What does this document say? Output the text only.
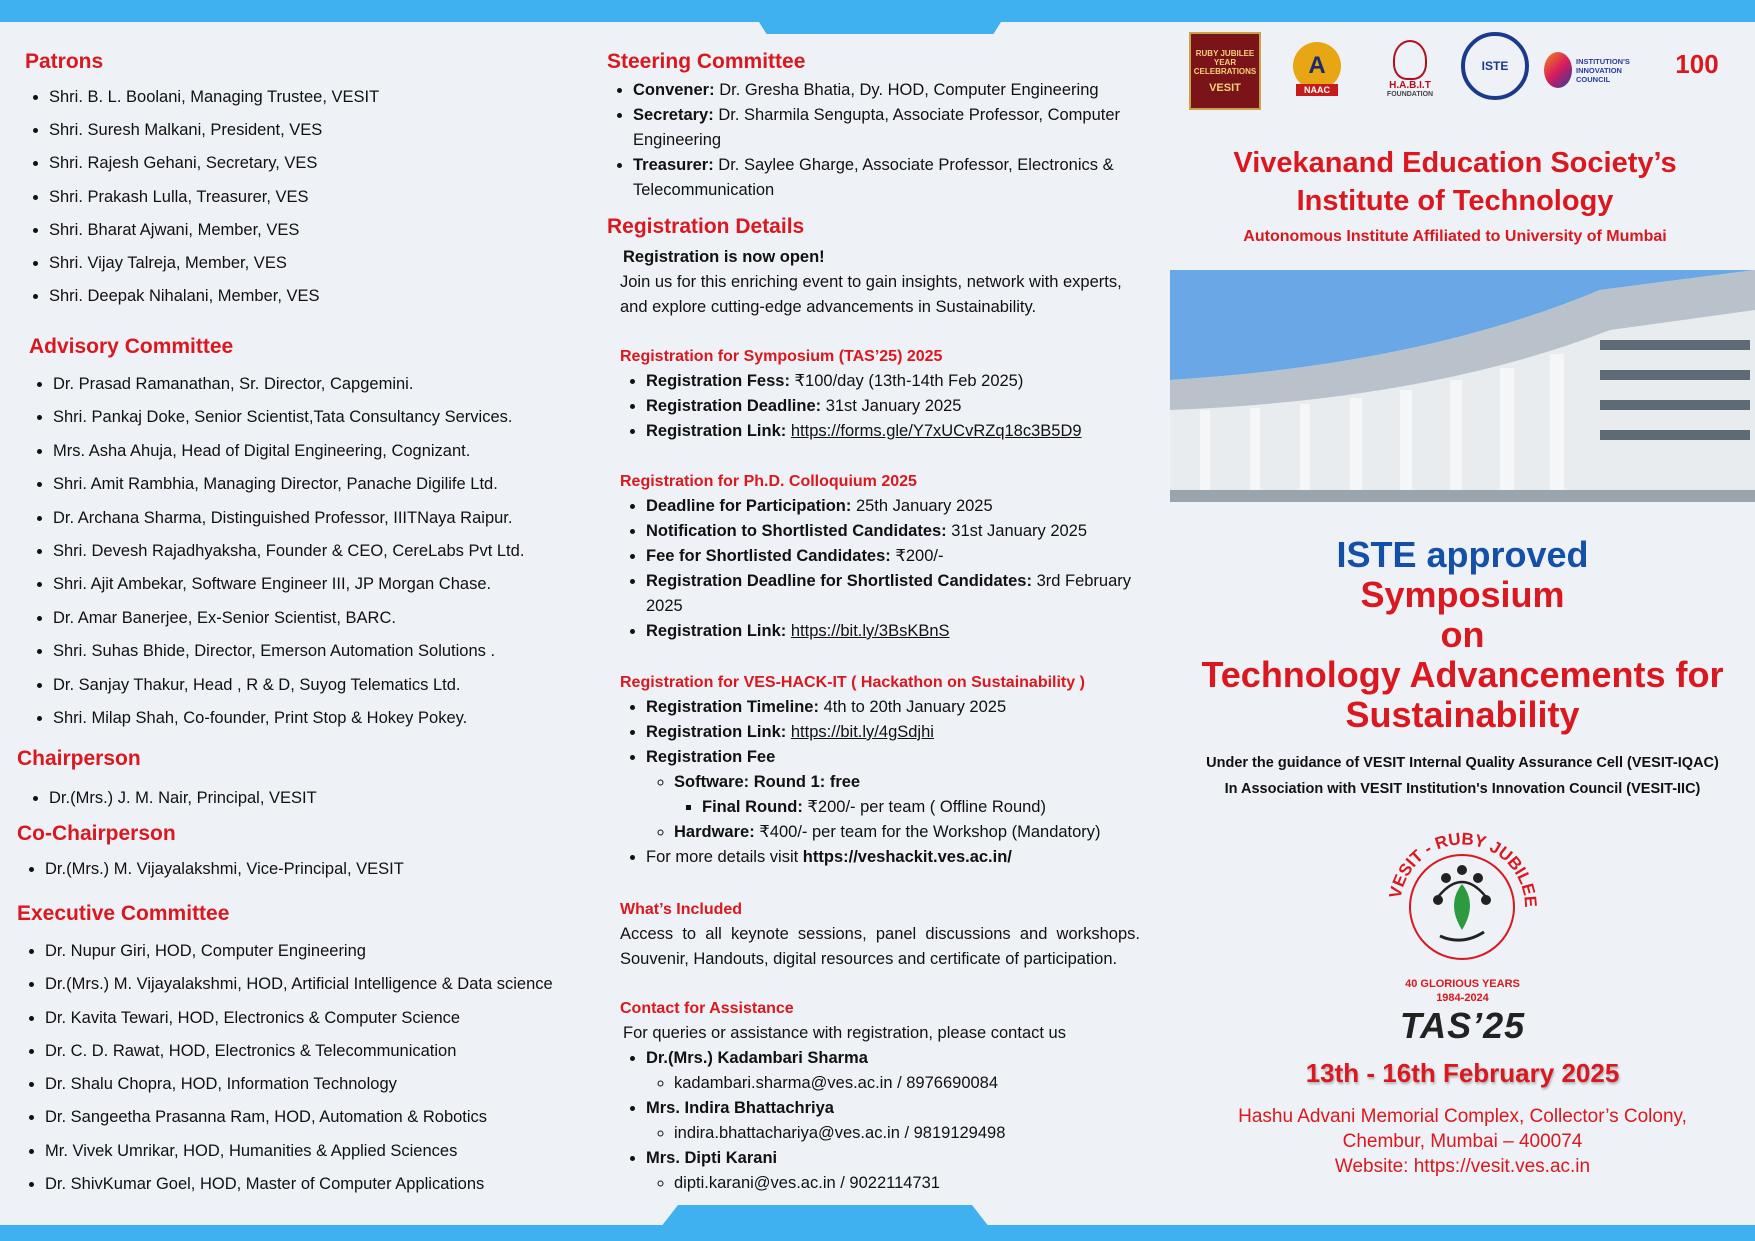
Patrons
• Shri. B. L. Boolani, Managing Trustee, VESIT
• Shri. Suresh Malkani, President, VES
• Shri. Rajesh Gehani, Secretary, VES
• Shri. Prakash Lulla, Treasurer, VES
• Shri. Bharat Ajwani, Member, VES
• Shri. Vijay Talreja, Member, VES
• Shri. Deepak Nihalani, Member, VES
Advisory Committee
• Dr. Prasad Ramanathan, Sr. Director, Capgemini.
• Shri. Pankaj Doke, Senior Scientist,Tata Consultancy Services.
• Mrs. Asha Ahuja, Head of Digital Engineering, Cognizant.
• Shri. Amit Rambhia, Managing Director, Panache Digilife Ltd.
• Dr. Archana Sharma, Distinguished Professor, IIITNaya Raipur.
• Shri. Devesh Rajadhyaksha, Founder & CEO, CereLabs Pvt Ltd.
• Shri. Ajit Ambekar, Software Engineer III, JP Morgan Chase.
• Dr. Amar Banerjee, Ex-Senior Scientist, BARC.
• Shri. Suhas Bhide, Director, Emerson Automation Solutions .
• Dr. Sanjay Thakur, Head , R & D, Suyog Telematics Ltd.
• Shri. Milap Shah, Co-founder, Print Stop & Hokey Pokey.
Chairperson
• Dr.(Mrs.) J. M. Nair, Principal, VESIT
Co-Chairperson
• Dr.(Mrs.) M. Vijayalakshmi, Vice-Principal, VESIT
Executive Committee
• Dr. Nupur Giri, HOD, Computer Engineering
• Dr.(Mrs.) M. Vijayalakshmi, HOD, Artificial Intelligence & Data science
• Dr. Kavita Tewari, HOD, Electronics & Computer Science
• Dr. C. D. Rawat, HOD, Electronics & Telecommunication
• Dr. Shalu Chopra, HOD, Information Technology
• Dr. Sangeetha Prasanna Ram, HOD, Automation & Robotics
• Mr. Vivek Umrikar, HOD, Humanities & Applied Sciences
• Dr. ShivKumar Goel, HOD, Master of Computer Applications
Steering Committee
• Convener: Dr. Gresha Bhatia, Dy. HOD, Computer Engineering
• Secretary: Dr. Sharmila Sengupta, Associate Professor, Computer Engineering
• Treasurer: Dr. Saylee Gharge, Associate Professor, Electronics & Telecommunication
Registration Details
Registration is now open!
Join us for this enriching event to gain insights, network with experts, and explore cutting-edge advancements in Sustainability.
Registration for Symposium (TAS’25) 2025
• Registration Fess: ₹100/day (13th-14th Feb 2025)
• Registration Deadline: 31st January 2025
• Registration Link: https://forms.gle/Y7xUCvRZq18c3B5D9
Registration for Ph.D. Colloquium 2025
• Deadline for Participation: 25th January 2025
• Notification to Shortlisted Candidates: 31st January 2025
• Fee for Shortlisted Candidates: ₹200/-
• Registration Deadline for Shortlisted Candidates: 3rd February 2025
• Registration Link: https://bit.ly/3BsKBnS
Registration for VES-HACK-IT ( Hackathon on Sustainability )
• Registration Timeline: 4th to 20th January 2025
• Registration Link: https://bit.ly/4gSdjhi
• Registration Fee
◦ Software: Round 1: free
▪ Final Round: ₹200/- per team ( Offline Round)
◦ Hardware: ₹400/- per team for the Workshop (Mandatory)
• For more details visit https://veshackit.ves.ac.in/
What’s Included
Access to all keynote sessions, panel discussions and workshops. Souvenir, Handouts, digital resources and certificate of participation.
Contact for Assistance
For queries or assistance with registration, please contact us
• Dr.(Mrs.) Kadambari Sharma
◦ kadambari.sharma@ves.ac.in / 8976690084
• Mrs. Indira Bhattachriya
◦ indira.bhattachariya@ves.ac.in / 9819129498
• Mrs. Dipti Karani
◦ dipti.karani@ves.ac.in / 9022114731
RUBY JUBILEE YEAR CELEBRATIONS
VESIT
A
NAAC	H.A.B.I.T
FOUNDATION
ISTE	INSTITUTION'S INNOVATION COUNCIL
100
Vivekanand Education Society’s
Institute of Technology
Autonomous Institute Affiliated to University of Mumbai
ISTE approved
Symposium
on
Technology Advancements for
Sustainability
Under the guidance of VESIT Internal Quality Assurance Cell (VESIT-IQAC)
In Association with VESIT Institution's Innovation Council (VESIT-IIC)
VESIT - RUBY JUBILEE
40 GLORIOUS YEARS
1984-2024
TAS’25
13th - 16th February 2025
Hashu Advani Memorial Complex, Collector’s Colony,
Chembur, Mumbai – 400074
Website: https://vesit.ves.ac.in
